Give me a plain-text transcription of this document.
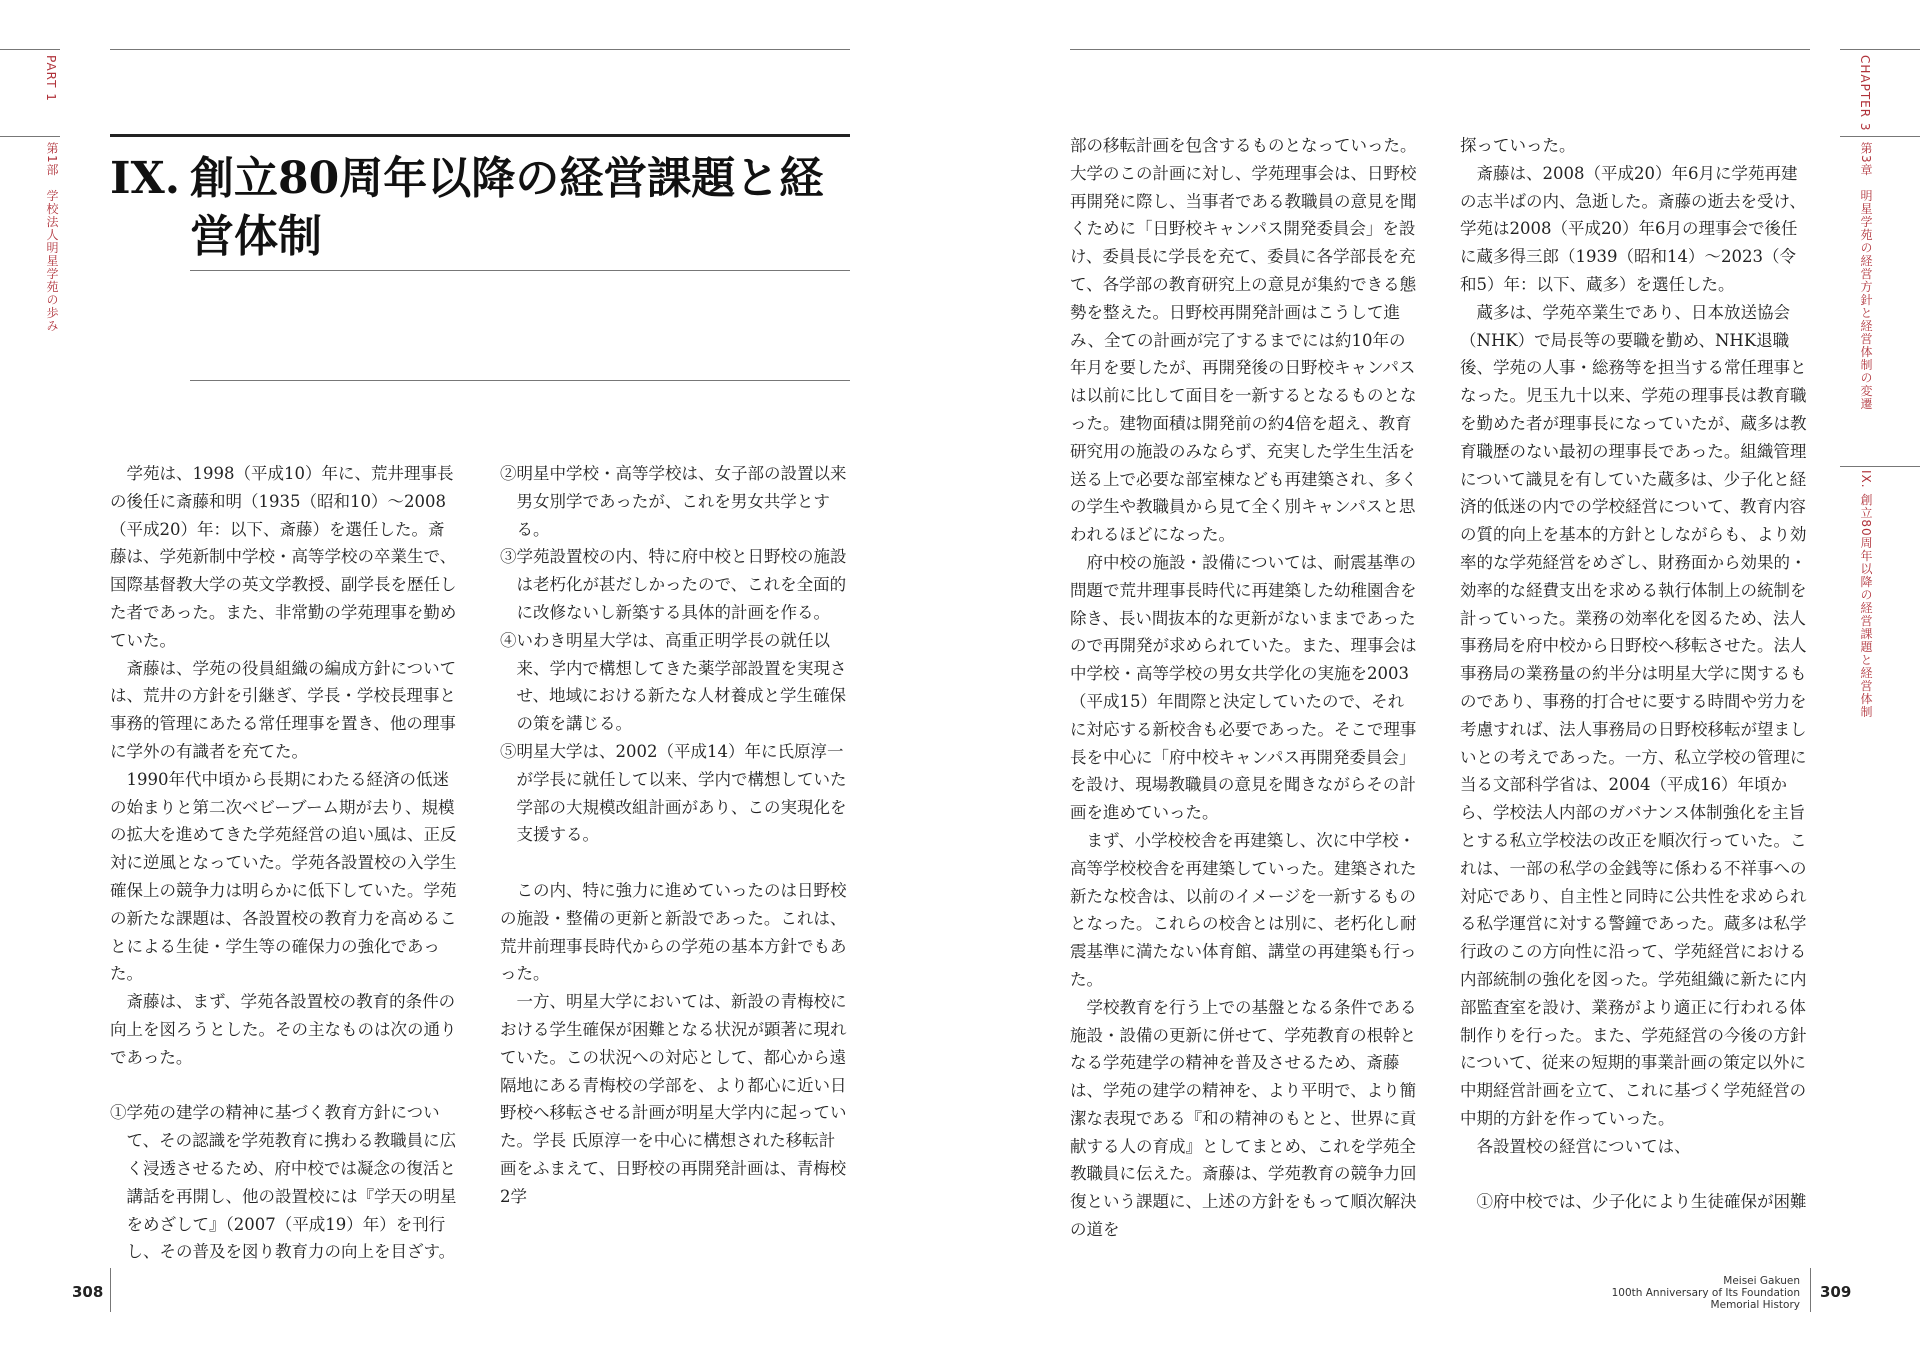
PART 1
第1部　学校法人明星学苑の歩み IX. 創立80周年以降の経営課題と経営体制

学苑は、1998（平成10）年に、荒井理事長の後任に斎藤和明（1935（昭和10）～2008（平成20）年：以下、斎藤）を選任した。斎藤は、学苑新制中学校・高等学校の卒業生で、国際基督教大学の英文学教授、副学長を歴任した者であった。また、非常勤の学苑理事を勤めていた。

斎藤は、学苑の役員組織の編成方針については、荒井の方針を引継ぎ、学長・学校長理事と事務的管理にあたる常任理事を置き、他の理事に学外の有識者を充てた。

1990年代中頃から長期にわたる経済の低迷の始まりと第二次ベビーブーム期が去り、規模の拡大を進めてきた学苑経営の追い風は、正反対に逆風となっていた。学苑各設置校の入学生確保上の競争力は明らかに低下していた。学苑の新たな課題は、各設置校の教育力を高めることによる生徒・学生等の確保力の強化であった。

斎藤は、まず、学苑各設置校の教育的条件の向上を図ろうとした。その主なものは次の通りであった。

①学苑の建学の精神に基づく教育方針について、その認識を学苑教育に携わる教職員に広く浸透させるため、府中校では凝念の復活と講話を再開し、他の設置校には『学天の明星をめざして』（2007（平成19）年）を刊行し、その普及を図り教育力の向上を目ざす。

②明星中学校・高等学校は、女子部の設置以来男女別学であったが、これを男女共学とする。

③学苑設置校の内、特に府中校と日野校の施設は老朽化が甚だしかったので、これを全面的に改修ないし新築する具体的計画を作る。

④いわき明星大学は、高重正明学長の就任以来、学内で構想してきた薬学部設置を実現させ、地域における新たな人材養成と学生確保の策を講じる。

⑤明星大学は、2002（平成14）年に氏原淳一が学長に就任して以来、学内で構想していた学部の大規模改組計画があり、この実現化を支援する。

この内、特に強力に進めていったのは日野校の施設・整備の更新と新設であった。これは、荒井前理事長時代からの学苑の基本方針でもあった。

一方、明星大学においては、新設の青梅校における学生確保が困難となる状況が顕著に現れていた。この状況への対応として、都心から遠隔地にある青梅校の学部を、より都心に近い日野校へ移転させる計画が明星大学内に起っていた。学長 氏原淳一を中心に構想された移転計画をふまえて、日野校の再開発計画は、青梅校2学

308
CHAPTER 3
第3章　明星学苑の経営方針と経営体制の変遷
IX. 創立80周年以降の経営課題と経営体制

部の移転計画を包含するものとなっていった。大学のこの計画に対し、学苑理事会は、日野校再開発に際し、当事者である教職員の意見を聞くために「日野校キャンパス開発委員会」を設け、委員長に学長を充て、委員に各学部長を充て、各学部の教育研究上の意見が集約できる態勢を整えた。日野校再開発計画はこうして進み、全ての計画が完了するまでには約10年の年月を要したが、再開発後の日野校キャンパスは以前に比して面目を一新するとなるものとなった。建物面積は開発前の約4倍を超え、教育研究用の施設のみならず、充実した学生生活を送る上で必要な部室棟なども再建築され、多くの学生や教職員から見て全く別キャンパスと思われるほどになった。

府中校の施設・設備については、耐震基準の問題で荒井理事長時代に再建築した幼稚園舎を除き、長い間抜本的な更新がないままであったので再開発が求められていた。また、理事会は中学校・高等学校の男女共学化の実施を2003（平成15）年間際と決定していたので、それに対応する新校舎も必要であった。そこで理事長を中心に「府中校キャンパス再開発委員会」を設け、現場教職員の意見を聞きながらその計画を進めていった。

まず、小学校校舎を再建築し、次に中学校・高等学校校舎を再建築していった。建築された新たな校舎は、以前のイメージを一新するものとなった。これらの校舎とは別に、老朽化し耐震基準に満たない体育館、講堂の再建築も行った。

学校教育を行う上での基盤となる条件である施設・設備の更新に併せて、学苑教育の根幹となる学苑建学の精神を普及させるため、斎藤は、学苑の建学の精神を、より平明で、より簡潔な表現である『和の精神のもとと、世界に貢献する人の育成』としてまとめ、これを学苑全教職員に伝えた。斎藤は、学苑教育の競争力回復という課題に、上述の方針をもって順次解決の道を

探っていった。

斎藤は、2008（平成20）年6月に学苑再建の志半ばの内、急逝した。斎藤の逝去を受け、学苑は2008（平成20）年6月の理事会で後任に蔵多得三郎（1939（昭和14）～2023（令和5）年：以下、蔵多）を選任した。

蔵多は、学苑卒業生であり、日本放送協会（NHK）で局長等の要職を勤め、NHK退職後、学苑の人事・総務等を担当する常任理事となった。児玉九十以来、学苑の理事長は教育職を勤めた者が理事長になっていたが、蔵多は教育職歴のない最初の理事長であった。組織管理について識見を有していた蔵多は、少子化と経済的低迷の内での学校経営について、教育内容の質的向上を基本的方針としながらも、より効率的な学苑経営をめざし、財務面から効果的・効率的な経費支出を求める執行体制上の統制を計っていった。業務の効率化を図るため、法人事務局を府中校から日野校へ移転させた。法人事務局の業務量の約半分は明星大学に関するものであり、事務的打合せに要する時間や労力を考慮すれば、法人事務局の日野校移転が望ましいとの考えであった。一方、私立学校の管理に当る文部科学省は、2004（平成16）年頃から、学校法人内部のガバナンス体制強化を主旨とする私立学校法の改正を順次行っていた。これは、一部の私学の金銭等に係わる不祥事への対応であり、自主性と同時に公共性を求められる私学運営に対する警鐘であった。蔵多は私学行政のこの方向性に沿って、学苑経営における内部統制の強化を図った。学苑組織に新たに内部監査室を設け、業務がより適正に行われる体制作りを行った。また、学苑経営の今後の方針について、従来の短期的事業計画の策定以外に中期経営計画を立て、これに基づく学苑経営の中期的方針を作っていった。

各設置校の経営については、

①府中校では、少子化により生徒確保が困難

Meisei Gakuen
100th Anniversary of Its Foundation
Memorial History
309
